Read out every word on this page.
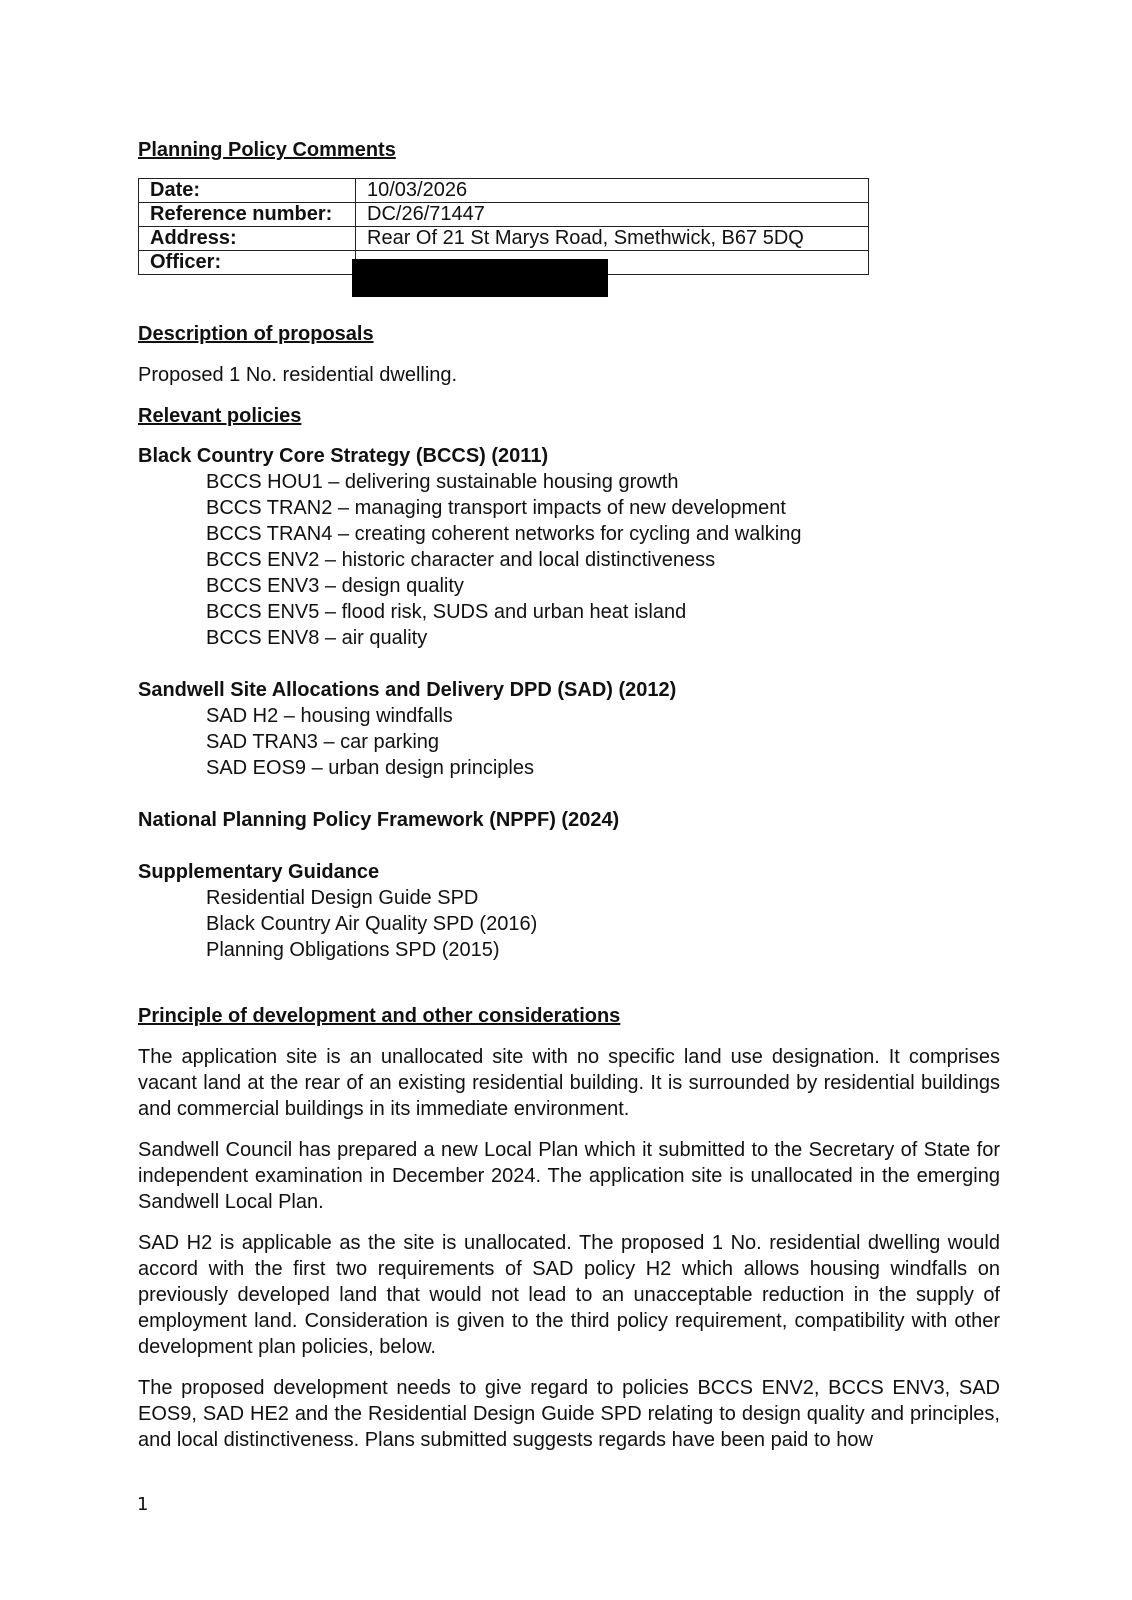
Planning Policy Comments
Date:	10/03/2026
Reference number:	DC/26/71447
Address:	Rear Of 21 St Marys Road, Smethwick, B67 5DQ
Officer:	
Description of proposals
Proposed 1 No. residential dwelling.
Relevant policies
Black Country Core Strategy (BCCS) (2011)
BCCS HOU1 – delivering sustainable housing growth
BCCS TRAN2 – managing transport impacts of new development
BCCS TRAN4 – creating coherent networks for cycling and walking
BCCS ENV2 – historic character and local distinctiveness
BCCS ENV3 – design quality
BCCS ENV5 – flood risk, SUDS and urban heat island
BCCS ENV8 – air quality
Sandwell Site Allocations and Delivery DPD (SAD) (2012)
SAD H2 – housing windfalls
SAD TRAN3 – car parking
SAD EOS9 – urban design principles
National Planning Policy Framework (NPPF) (2024)
Supplementary Guidance
Residential Design Guide SPD
Black Country Air Quality SPD (2016)
Planning Obligations SPD (2015)
Principle of development and other considerations

The application site is an unallocated site with no specific land use designation. It comprises vacant land at the rear of an existing residential building. It is surrounded by residential buildings and commercial buildings in its immediate environment.

Sandwell Council has prepared a new Local Plan which it submitted to the Secretary of State for independent examination in December 2024. The application site is unallocated in the emerging Sandwell Local Plan.

SAD H2 is applicable as the site is unallocated. The proposed 1 No. residential dwelling would accord with the first two requirements of SAD policy H2 which allows housing windfalls on previously developed land that would not lead to an unacceptable reduction in the supply of employment land. Consideration is given to the third policy requirement, compatibility with other development plan policies, below.

The proposed development needs to give regard to policies BCCS ENV2, BCCS ENV3, SAD EOS9, SAD HE2 and the Residential Design Guide SPD relating to design quality and principles, and local distinctiveness. Plans submitted suggests regards have been paid to how

1
